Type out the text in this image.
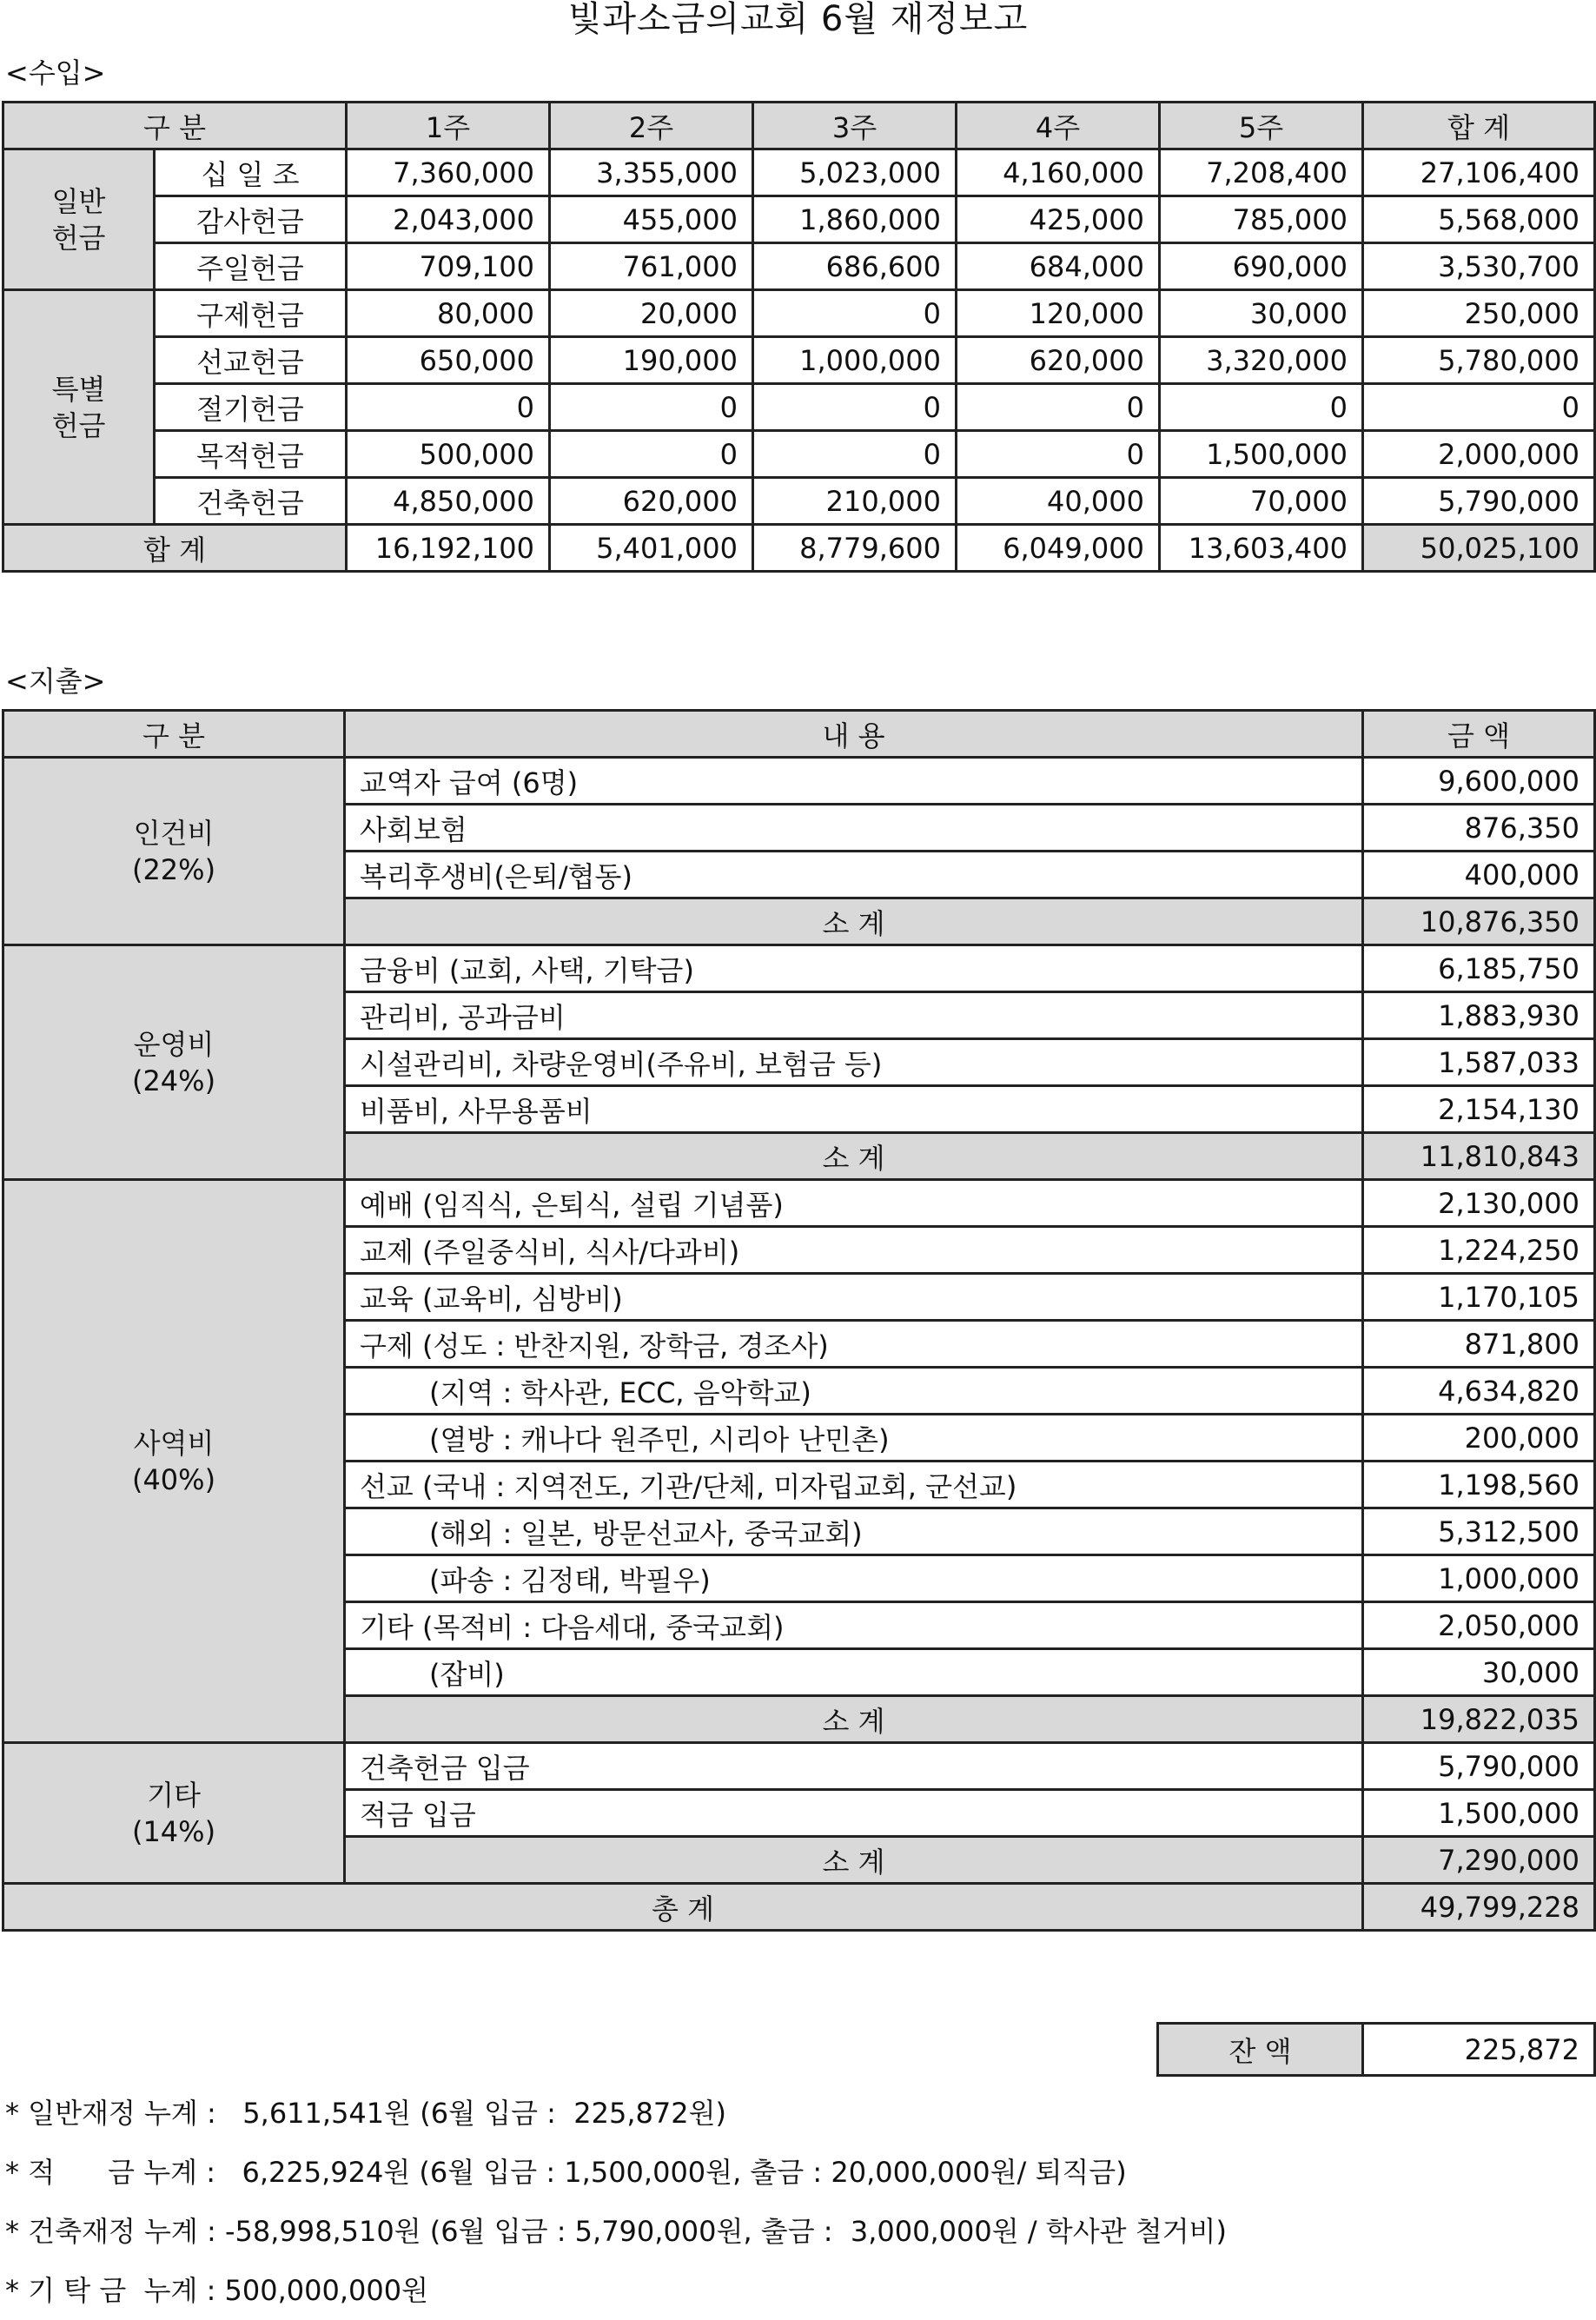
빛과소금의교회 6월 재정보고
<수입>
구 분		1주	2주	3주	4주	5주	합 계
일반
헌금	십 일 조	7,360,000	3,355,000	5,023,000	4,160,000	7,208,400	27,106,400
	감사헌금	2,043,000	455,000	1,860,000	425,000	785,000	5,568,000
	주일헌금	709,100	761,000	686,600	684,000	690,000	3,530,700
특별
헌금	구제헌금	80,000	20,000	0	120,000	30,000	250,000
	선교헌금	650,000	190,000	1,000,000	620,000	3,320,000	5,780,000
	절기헌금	0	0	0	0	0	0
	목적헌금	500,000	0	0	0	1,500,000	2,000,000
	건축헌금	4,850,000	620,000	210,000	40,000	70,000	5,790,000
합 계		16,192,100	5,401,000	8,779,600	6,049,000	13,603,400	50,025,100
<지출>
구 분	내 용	금 액
인건비
(22%)	교역자 급여 (6명)	9,600,000
	사회보험	876,350
	복리후생비(은퇴/협동)	400,000
	소 계	10,876,350
운영비
(24%)	금융비 (교회, 사택, 기탁금)	6,185,750
	관리비, 공과금비	1,883,930
	시설관리비, 차량운영비(주유비, 보험금 등)	1,587,033
	비품비, 사무용품비	2,154,130
	소 계	11,810,843
사역비
(40%)	예배 (임직식, 은퇴식, 설립 기념품)	2,130,000
	교제 (주일중식비, 식사/다과비)	1,224,250
	교육 (교육비, 심방비)	1,170,105
	구제 (성도 : 반찬지원, 장학금, 경조사)	871,800
	(지역 : 학사관, ECC, 음악학교)	4,634,820
	(열방 : 캐나다 원주민, 시리아 난민촌)	200,000
	선교 (국내 : 지역전도, 기관/단체, 미자립교회, 군선교)	1,198,560
	(해외 : 일본, 방문선교사, 중국교회)	5,312,500
	(파송 : 김정태, 박필우)	1,000,000
	기타 (목적비 : 다음세대, 중국교회)	2,050,000
	(잡비)	30,000
	소 계	19,822,035
기타
(14%)	건축헌금 입금	5,790,000
	적금 입금	1,500,000
	소 계	7,290,000
총 계		49,799,228
잔 액	225,872
* 일반재정 누계 :   5,611,541원 (6월 입금 :  225,872원)
* 적      금 누계 :   6,225,924원 (6월 입금 : 1,500,000원, 출금 : 20,000,000원/ 퇴직금)
* 건축재정 누계 : -58,998,510원 (6월 입금 : 5,790,000원, 출금 :  3,000,000원 / 학사관 철거비)
* 기 탁 금  누계 : 500,000,000원
